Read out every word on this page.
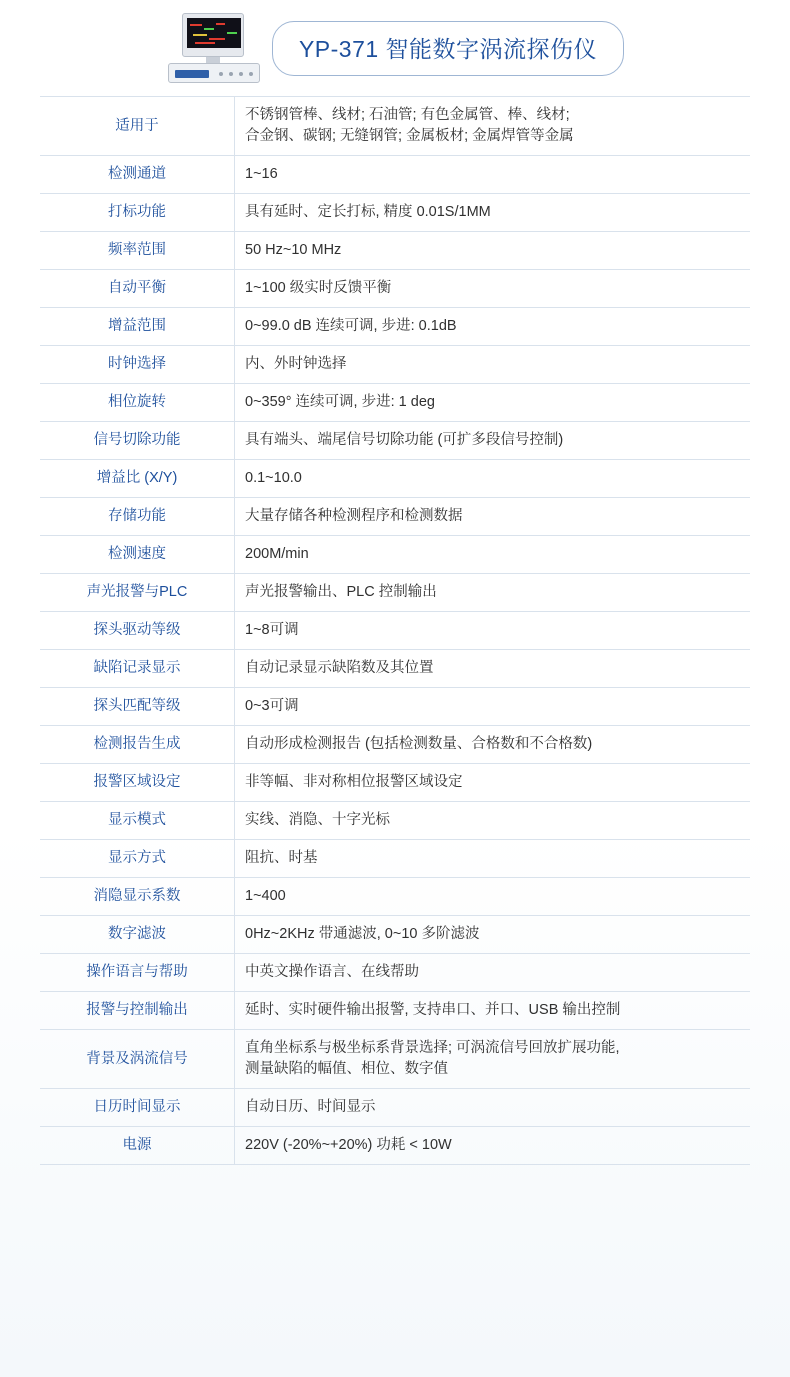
YP-371 智能数字涡流探伤仪
适用于	不锈钢管棒、线材; 石油管; 有色金属管、棒、线材;
合金钢、碳钢; 无缝钢管; 金属板材; 金属焊管等金属

检测通道	1~16
打标功能	具有延时、定长打标, 精度 0.01S/1MM
频率范围	50 Hz~10 MHz
自动平衡	1~100 级实时反馈平衡
增益范围	0~99.0 dB 连续可调, 步进: 0.1dB
时钟选择	内、外时钟选择
相位旋转	0~359° 连续可调, 步进: 1 deg
信号切除功能	具有端头、端尾信号切除功能 (可扩多段信号控制)
增益比 (X/Y)	0.1~10.0
存储功能	大量存储各种检测程序和检测数据
检测速度	200M/min
声光报警与PLC	声光报警输出、PLC 控制输出
探头驱动等级	1~8可调
缺陷记录显示	自动记录显示缺陷数及其位置
探头匹配等级	0~3可调
检测报告生成	自动形成检测报告 (包括检测数量、合格数和不合格数)
报警区域设定	非等幅、非对称相位报警区域设定
显示模式	实线、消隐、十字光标
显示方式	阻抗、时基
消隐显示系数	1~400
数字滤波	0Hz~2KHz 带通滤波, 0~10 多阶滤波
操作语言与帮助	中英文操作语言、在线帮助
报警与控制输出	延时、实时硬件输出报警, 支持串口、并口、USB 输出控制
背景及涡流信号	直角坐标系与极坐标系背景选择; 可涡流信号回放扩展功能,
测量缺陷的幅值、相位、数字值

日历时间显示	自动日历、时间显示
电源	220V (-20%~+20%) 功耗 < 10W
